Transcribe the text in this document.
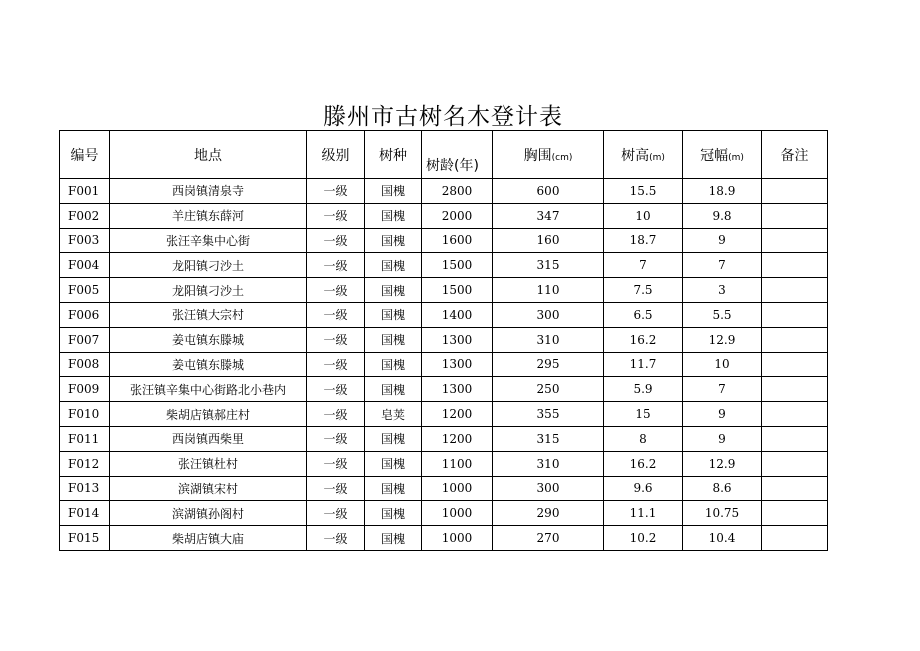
滕州市古树名木登计表
编号	地点	级别	树种	树龄(年)	胸围(cm)	树高(m)	冠幅(m)	备注
F001	西岗镇清泉寺	一级	国槐	2800	600	15.5	18.9	
F002	羊庄镇东薛河	一级	国槐	2000	347	10	9.8	
F003	张汪辛集中心街	一级	国槐	1600	160	18.7	9	
F004	龙阳镇刁沙土	一级	国槐	1500	315	7	7	
F005	龙阳镇刁沙土	一级	国槐	1500	110	7.5	3	
F006	张汪镇大宗村	一级	国槐	1400	300	6.5	5.5	
F007	姜屯镇东滕城	一级	国槐	1300	310	16.2	12.9	
F008	姜屯镇东滕城	一级	国槐	1300	295	11.7	10	
F009	张汪镇辛集中心街路北小巷内	一级	国槐	1300	250	5.9	7	
F010	柴胡店镇郝庄村	一级	皂荚	1200	355	15	9	
F011	西岗镇西柴里	一级	国槐	1200	315	8	9	
F012	张汪镇杜村	一级	国槐	1100	310	16.2	12.9	
F013	滨湖镇宋村	一级	国槐	1000	300	9.6	8.6	
F014	滨湖镇孙阁村	一级	国槐	1000	290	11.1	10.75	
F015	柴胡店镇大庙	一级	国槐	1000	270	10.2	10.4	
